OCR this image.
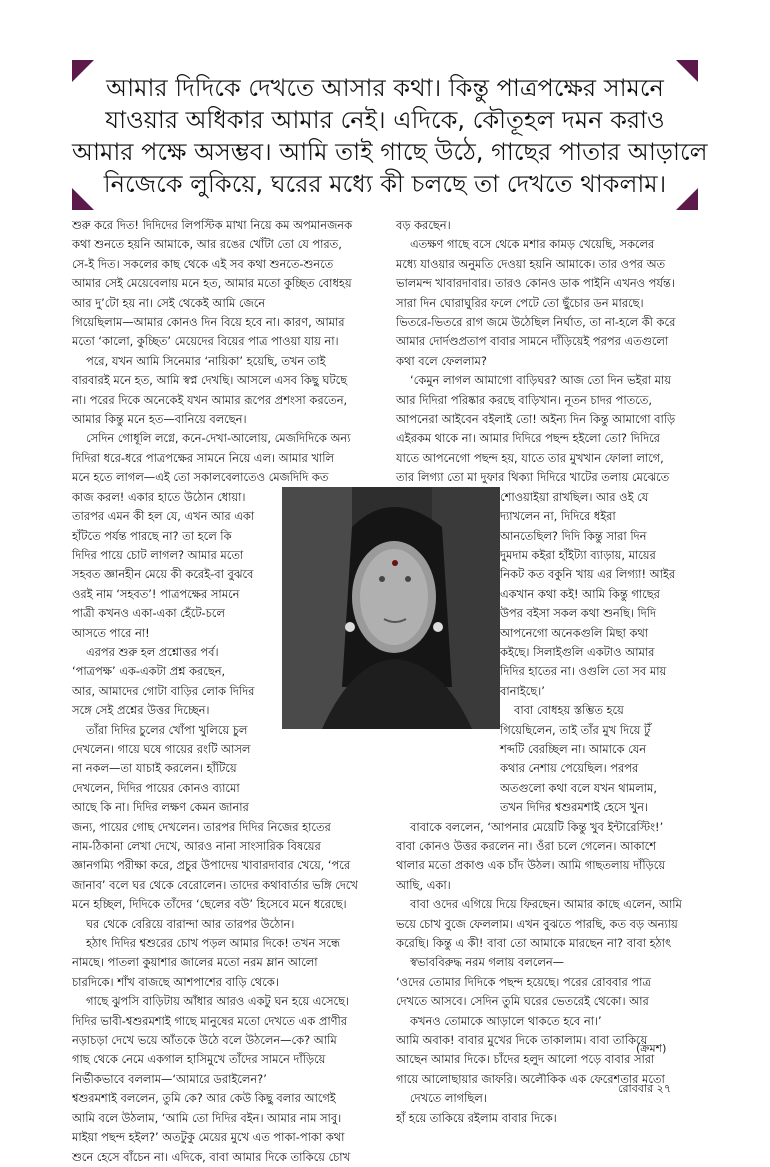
আমার দিদিকে দেখতে আসার কথা। কিন্তু পাত্রপক্ষের সামনে
যাওয়ার অধিকার আমার নেই। এদিকে, কৌতূহল দমন করাও
আমার পক্ষে অসম্ভব। আমি তাই গাছে উঠে, গাছের পাতার আড়ালে
নিজেকে লুকিয়ে, ঘরের মধ্যে কী চলছে তা দেখতে থাকলাম।

শুরু করে দিত! দিদিদের লিপস্টিক মাখা নিয়ে কম অপমানজনক

কথা শুনতে হয়নি আমাকে, আর রঙের খোঁটা তো যে পারত,

সে-ই দিত। সকলের কাছ থেকে এই সব কথা শুনতে-শুনতে

আমার সেই মেয়েবেলায় মনে হত, আমার মতো কুচ্ছিত বোধহয়

আর দু’টো হয় না। সেই থেকেই আমি জেনে

গিয়েছিলাম—আমার কোনও দিন বিয়ে হবে না। কারণ, আমার

মতো ‘কালো, কুচ্ছিত’ মেয়েদের বিয়ের পাত্র পাওয়া যায় না।

পরে, যখন আমি সিনেমার ‘নায়িকা’ হয়েছি, তখন তাই

বারবারই মনে হত, আমি স্বপ্ন দেখছি। আসলে এসব কিছু ঘটছে

না। পরের দিকে অনেকেই যখন আমার রূপের প্রশংসা করতেন,

আমার কিন্তু মনে হত—বানিয়ে বলছেন।

সেদিন গোধূলি লগ্নে, কনে-দেখা-আলোয়, মেজদিদিকে অন্য

দিদিরা ধরে-ধরে পাত্রপক্ষের সামনে নিয়ে এল। আমার খালি

মনে হতে লাগল—এই তো সকালবেলাতেও মেজদিদি কত

কাজ করল! একার হাতে উঠোন ধোয়া।

তারপর এমন কী হল যে, এখন আর একা

হাঁটতে পর্যন্ত পারছে না? তা হলে কি

দিদির পায়ে চোট লাগল? আমার মতো

সহবত জ্ঞানহীন মেয়ে কী করেই-বা বুঝবে

ওরই নাম ‘সহবত’! পাত্রপক্ষের সামনে

পাত্রী কখনও একা-একা হেঁটে-চলে

আসতে পারে না!

এরপর শুরু হল প্রশ্নোত্তর পর্ব।

‘পাত্রপক্ষ’ এক-একটা প্রশ্ন করছেন,

আর, আমাদের গোটা বাড়ির লোক দিদির

সঙ্গে সেই প্রশ্নের উত্তর দিচ্ছেন।

তাঁরা দিদির চুলের খোঁপা খুলিয়ে চুল

দেখলেন। গায়ে ঘষে গায়ের রংটি আসল

না নকল—তা যাচাই করলেন। হাঁটিয়ে

দেখলেন, দিদির পায়ের কোনও ব্যামো

আছে কি না। দিদির লক্ষণ কেমন জানার

জন্য, পায়ের গোছ দেখলেন। তারপর দিদির নিজের হাতের

নাম-ঠিকানা লেখা দেখে, আরও নানা সাংসারিক বিষয়ের

জ্ঞানগম্যি পরীক্ষা করে, প্রচুর উপাদেয় খাবারদাবার খেয়ে, ‘পরে

জানাব’ বলে ঘর থেকে বেরোলেন। তাদের কথাবার্তার ভঙ্গি দেখে

মনে হচ্ছিল, দিদিকে তাঁদের ‘ছেলের বউ’ হিসেবে মনে ধরেছে।

ঘর থেকে বেরিয়ে বারান্দা আর তারপর উঠোন।

হঠাৎ দিদির শ্বশুরের চোখ পড়ল আমার দিকে! তখন সন্ধে

নামছে। পাতলা কুয়াশার জালের মতো নরম ম্লান আলো

চারদিকে। শাঁখ বাজছে আশপাশের বাড়ি থেকে।

গাছে ঝুপসি বাড়িটায় আঁধার আরও একটু ঘন হয়ে এসেছে।

দিদির ভাবী-শ্বশুরমশাই গাছে মানুষের মতো দেখতে এক প্রাণীর

নড়াচড়া দেখে ভয়ে আঁতকে উঠে বলে উঠলেন—কে? আমি

গাছ থেকে নেমে একগাল হাসিমুখে তাঁদের সামনে দাঁড়িয়ে

নির্ভীকভাবে বললাম—‘আমারে ডরাইলেন?’

শ্বশুরমশাই বললেন, তুমি কে? আর কেউ কিছু বলার আগেই

আমি বলে উঠলাম, ‘আমি তো দিদির বইন। আমার নাম সাবু।

মাইয়া পছন্দ হইল?’ অতটুকু মেয়ের মুখে এত পাকা-পাকা কথা

শুনে হেসে বাঁচেন না। এদিকে, বাবা আমার দিকে তাকিয়ে চোখ

বড় করছেন।

এতক্ষণ গাছে বসে থেকে মশার কামড় খেয়েছি, সকলের

মধ্যে যাওয়ার অনুমতি দেওয়া হয়নি আমাকে। তার ওপর অত

ভালমন্দ খাবারদাবার। তারও কোনও ডাক পাইনি এখনও পর্যন্ত।

সারা দিন ঘোরাঘুরির ফলে পেটে তো ছুঁচোর ডন মারছে।

ভিতরে-ভিতরে রাগ জমে উঠেছিল নির্ঘাত, তা না-হলে কী করে

আমার দোর্দণ্ডপ্রতাপ বাবার সামনে দাঁড়িয়েই পরপর এতগুলো

কথা বলে ফেললাম?

‘কেমুন লাগল আমাগো বাড়িঘর? আজ তো দিন ভইরা মায়

আর দিদিরা পরিষ্কার করছে বাড়িখান। নূতন চাদর পাততে,

আপনেরা আইবেন বইলাই তো! অইন্য দিন কিন্তু আমাগো বাড়ি

এইরকম থাকে না। আমার দিদিরে পছন্দ হইলো তো? দিদিরে

যাতে আপনেগো পছন্দ হয়, যাতে তার মুখখান ফোলা লাগে,

তার লিগ্যা তো মা দুফার থিক্যা দিদিরে খাটের তলায় মেঝেতে

শোওয়াইয়া রাখছিল। আর ওই যে

দ্যাখলেন না, দিদিরে ধইরা

আনতেছিল? দিদি কিন্তু সারা দিন

দুমদাম কইরা হাঁইট্যা ব্যাড়ায়, মায়ের

নিকট কত বকুনি খায় এর লিগ্যা! আইর

একখান কথা কই! আমি কিন্তু গাছের

উপর বইসা সকল কথা শুনছি। দিদি

আপনেগো অনেকগুলি মিছা কথা

কইছে। সিলাইগুলি একটাও আমার

দিদির হাতের না। ওগুলি তো সব মায়

বানাইছে।’

বাবা বোধহয় স্তম্ভিত হয়ে

গিয়েছিলেন, তাই তাঁর মুখ দিয়ে টুঁ

শব্দটি বেরচ্ছিল না। আমাকে যেন

কথার নেশায় পেয়েছিল। পরপর

অতগুলো কথা বলে যখন থামলাম,

তখন দিদির শ্বশুরমশাই হেসে খুন।

বাবাকে বললেন, ‘আপনার মেয়েটি কিন্তু খুব ইন্টারেস্টিং!’

বাবা কোনও উত্তর করলেন না। ওঁরা চলে গেলেন। আকাশে

থালার মতো প্রকাণ্ড এক চাঁদ উঠল। আমি গাছতলায় দাঁড়িয়ে

আছি, একা।

বাবা ওদের এগিয়ে দিয়ে ফিরছেন। আমার কাছে এলেন, আমি

ভয়ে চোখ বুজে ফেললাম। এখন বুঝতে পারছি, কত বড় অন্যায়

করেছি। কিন্তু এ কী! বাবা তো আমাকে মারছেন না? বাবা হঠাৎ

স্বভাববিরুদ্ধ নরম গলায় বললেন—

‘ওদের তোমার দিদিকে পছন্দ হয়েছে। পরের রোববার পাত্র

দেখতে আসবে। সেদিন তুমি ঘরের ভেতরেই থেকো। আর

কখনও তোমাকে আড়ালে থাকতে হবে না।’

আমি অবাক! বাবার মুখের দিকে তাকালাম। বাবা তাকিয়ে

আছেন আমার দিকে। চাঁদের হলুদ আলো পড়ে বাবার সারা

গায়ে আলোছায়ার জাফরি। অলৌকিক এক ফেরেশতার মতো

দেখতে লাগছিল।

হাঁ হয়ে তাকিয়ে রইলাম বাবার দিকে।

(ক্রমশ)
রোববার ২৭
